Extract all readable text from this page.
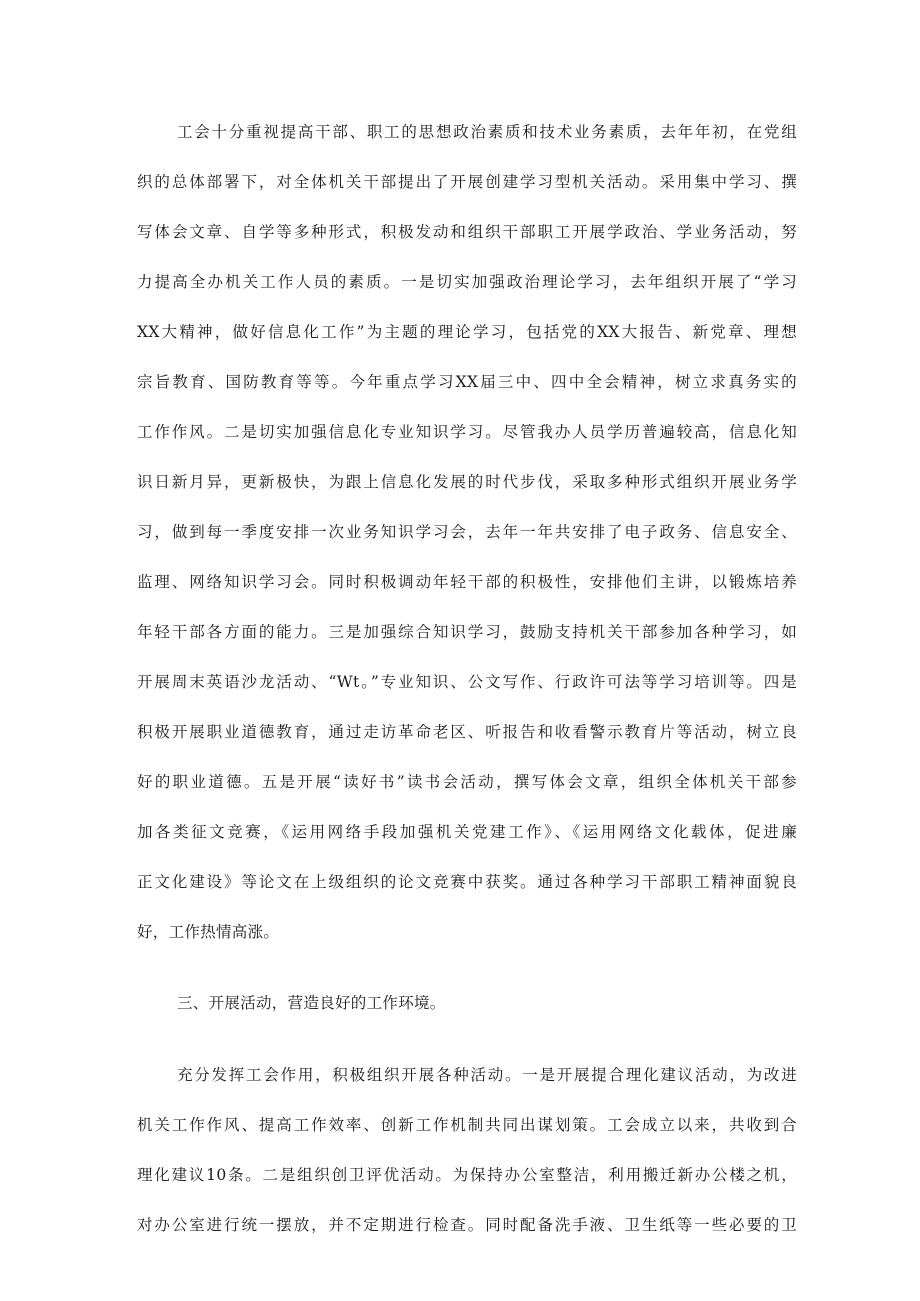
工会十分重视提高干部、职工的思想政治素质和技术业务素质，去年年初，在党组
织的总体部署下，对全体机关干部提出了开展创建学习型机关活动。采用集中学习、撰
写体会文章、自学等多种形式，积极发动和组织干部职工开展学政治、学业务活动，努
力提高全办机关工作人员的素质。一是切实加强政治理论学习，去年组织开展了“学习
XX大精神，做好信息化工作”为主题的理论学习，包括党的XX大报告、新党章、理想
宗旨教育、国防教育等等。今年重点学习XX届三中、四中全会精神，树立求真务实的
工作作风。二是切实加强信息化专业知识学习。尽管我办人员学历普遍较高，信息化知
识日新月异，更新极快，为跟上信息化发展的时代步伐，采取多种形式组织开展业务学
习，做到每一季度安排一次业务知识学习会，去年一年共安排了电子政务、信息安全、
监理、网络知识学习会。同时积极调动年轻干部的积极性，安排他们主讲，以锻炼培养
年轻干部各方面的能力。三是加强综合知识学习，鼓励支持机关干部参加各种学习，如
开展周末英语沙龙活动、“Wt。”专业知识、公文写作、行政许可法等学习培训等。四是
积极开展职业道德教育，通过走访革命老区、听报告和收看警示教育片等活动，树立良
好的职业道德。五是开展“读好书”读书会活动，撰写体会文章，组织全体机关干部参
加各类征文竞赛，《运用网络手段加强机关党建工作》、《运用网络文化载体，促进廉
正文化建设》等论文在上级组织的论文竞赛中获奖。通过各种学习干部职工精神面貌良
好，工作热情高涨。
三、开展活动，营造良好的工作环境。
充分发挥工会作用，积极组织开展各种活动。一是开展提合理化建议活动，为改进
机关工作作风、提高工作效率、创新工作机制共同出谋划策。工会成立以来，共收到合
理化建议10条。二是组织创卫评优活动。为保持办公室整洁，利用搬迁新办公楼之机，
对办公室进行统一摆放，并不定期进行检查。同时配备洗手液、卫生纸等一些必要的卫
